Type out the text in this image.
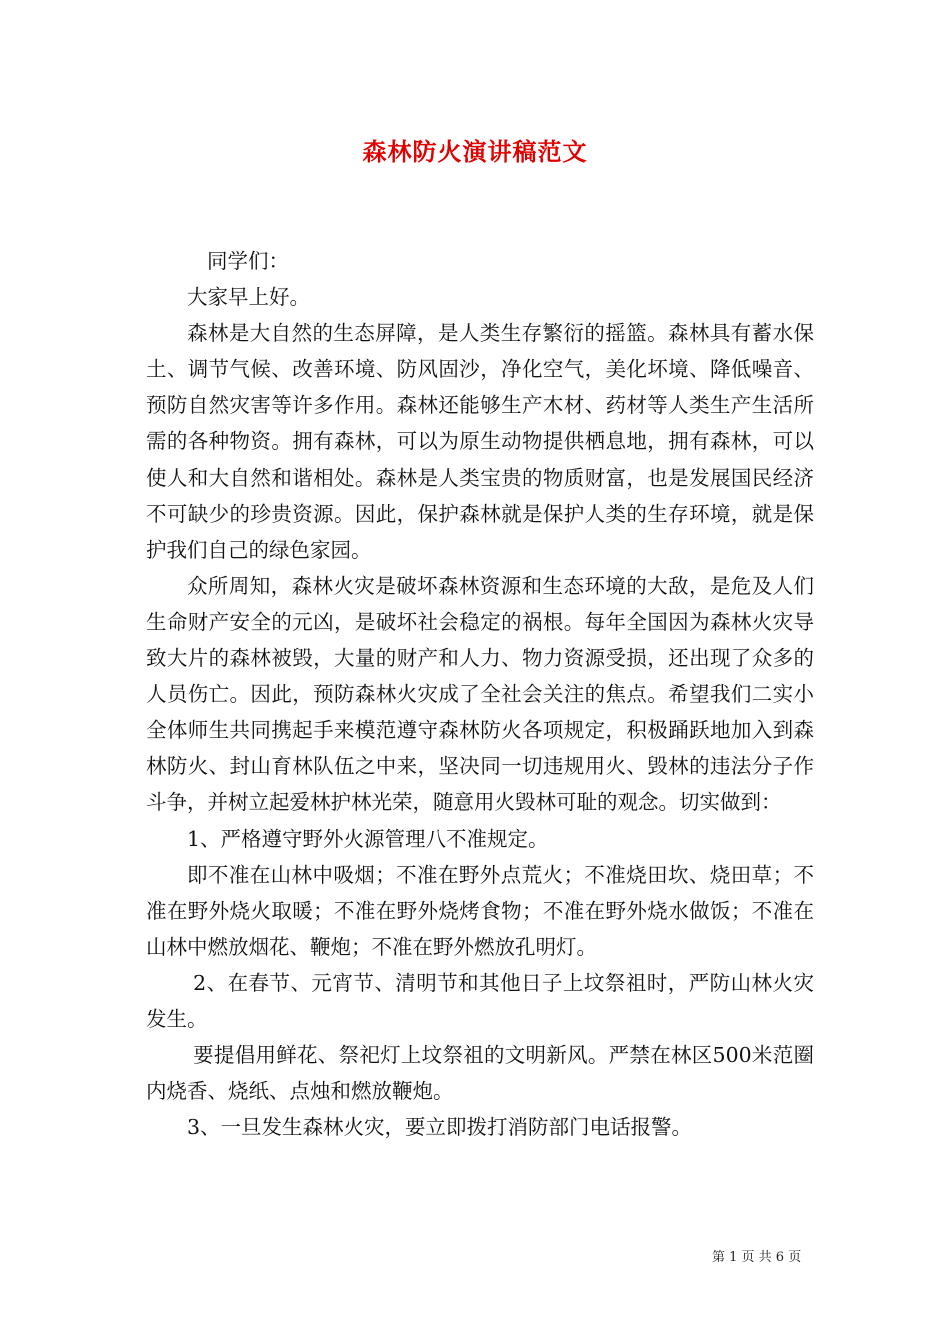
森林防火演讲稿范文

同学们：

大家早上好。

森林是大自然的生态屏障，是人类生存繁衍的摇篮。森林具有蓄水保土、调节气候、改善环境、防风固沙，净化空气，美化坏境、降低噪音、预防自然灾害等许多作用。森林还能够生产木材、药材等人类生产生活所需的各种物资。拥有森林，可以为原生动物提供栖息地，拥有森林，可以使人和大自然和谐相处。森林是人类宝贵的物质财富，也是发展国民经济不可缺少的珍贵资源。因此，保护森林就是保护人类的生存环境，就是保护我们自己的绿色家园。

众所周知，森林火灾是破坏森林资源和生态环境的大敌，是危及人们生命财产安全的元凶，是破坏社会稳定的祸根。每年全国因为森林火灾导致大片的森林被毁，大量的财产和人力、物力资源受损，还出现了众多的人员伤亡。因此，预防森林火灾成了全社会关注的焦点。希望我们二实小全体师生共同携起手来模范遵守森林防火各项规定，积极踊跃地加入到森林防火、封山育林队伍之中来，坚决同一切违规用火、毁林的违法分子作斗争，并树立起爱林护林光荣，随意用火毁林可耻的观念。切实做到：

1、严格遵守野外火源管理八不准规定。

即不准在山林中吸烟；不准在野外点荒火；不准烧田坎、烧田草；不准在野外烧火取暖；不准在野外烧烤食物；不准在野外烧水做饭；不准在山林中燃放烟花、鞭炮；不准在野外燃放孔明灯。

2、在春节、元宵节、清明节和其他日子上坟祭祖时，严防山林火灾发生。

要提倡用鲜花、祭祀灯上坟祭祖的文明新风。严禁在林区500米范圈内烧香、烧纸、点烛和燃放鞭炮。

3、一旦发生森林火灾，要立即拨打消防部门电话报警。

第 1 页 共 6 页
